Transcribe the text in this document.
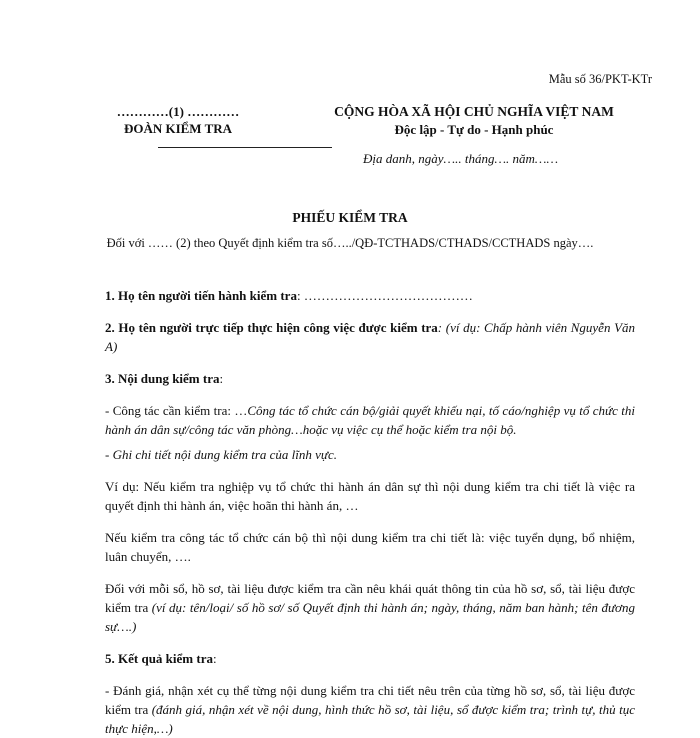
Mẫu số 36/PKT-KTr
…………(1) …………
ĐOÀN KIỂM TRA
CỘNG HÒA XÃ HỘI CHỦ NGHĨA VIỆT NAM
Độc lập - Tự do - Hạnh phúc
Địa danh, ngày….. tháng…. năm……
PHIẾU KIỂM TRA
Đối với …… (2) theo Quyết định kiểm tra số…../QĐ-TCTHADS/CTHADS/CCTHADS ngày….

1. Họ tên người tiến hành kiểm tra: …………………………………

2. Họ tên người trực tiếp thực hiện công việc được kiểm tra: (ví dụ: Chấp hành viên Nguyễn Văn A)

3. Nội dung kiểm tra:

- Công tác cần kiểm tra: …Công tác tổ chức cán bộ/giải quyết khiếu nại, tố cáo/nghiệp vụ tổ chức thi hành án dân sự/công tác văn phòng…hoặc vụ việc cụ thể hoặc kiểm tra nội bộ.

- Ghi chi tiết nội dung kiểm tra của lĩnh vực.

Ví dụ: Nếu kiểm tra nghiệp vụ tổ chức thi hành án dân sự thì nội dung kiểm tra chi tiết là việc ra quyết định thi hành án, việc hoãn thi hành án, …

Nếu kiểm tra công tác tổ chức cán bộ thì nội dung kiểm tra chi tiết là: việc tuyển dụng, bổ nhiệm, luân chuyển, ….

Đối với mỗi sổ, hồ sơ, tài liệu được kiểm tra cần nêu khái quát thông tin của hồ sơ, sổ, tài liệu được kiểm tra (ví dụ: tên/loại/ số hồ sơ/ số Quyết định thi hành án; ngày, tháng, năm ban hành; tên đương sự….)

5. Kết quả kiểm tra:

- Đánh giá, nhận xét cụ thể từng nội dung kiểm tra chi tiết nêu trên của từng hồ sơ, sổ, tài liệu được kiểm tra (đánh giá, nhận xét về nội dung, hình thức hồ sơ, tài liệu, sổ được kiểm tra; trình tự, thủ tục thực hiện,…)
